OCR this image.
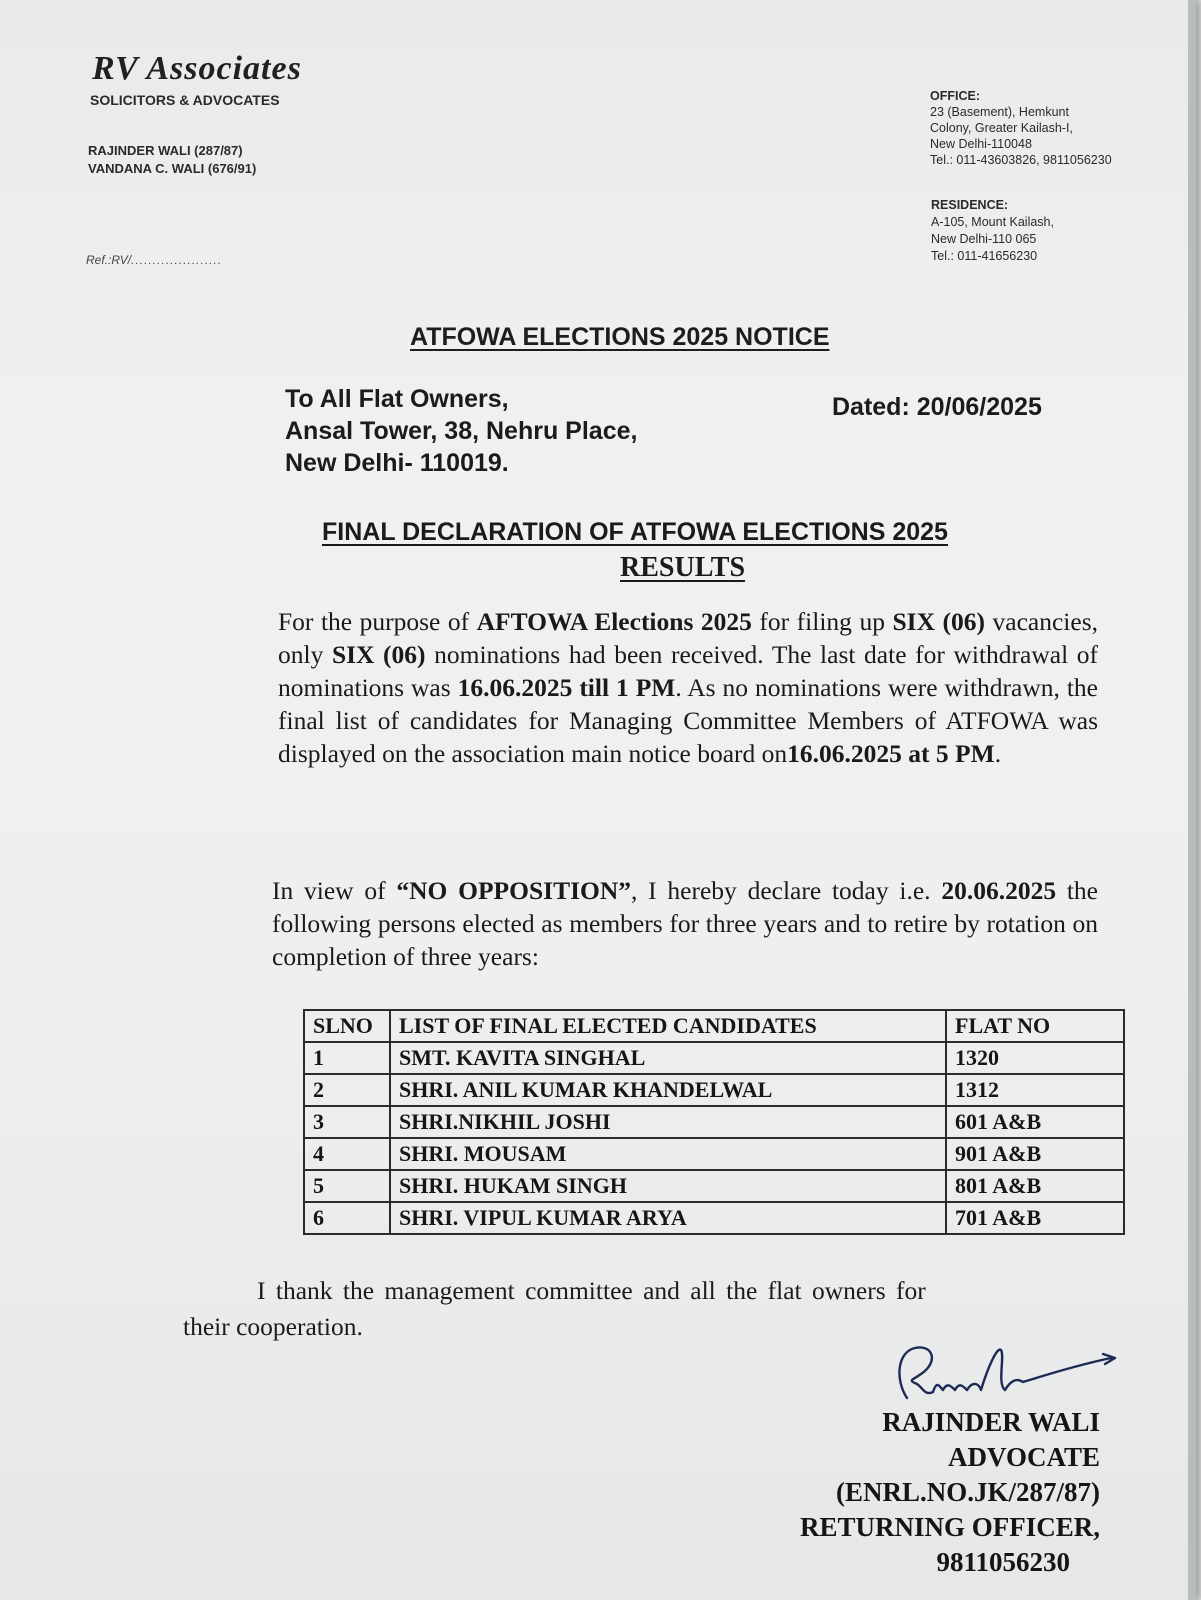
RV Associates
SOLICITORS & ADVOCATES
RAJINDER WALI (287/87)
VANDANA C. WALI (676/91)
Ref.:RV/.....................
OFFICE:
23 (Basement), Hemkunt
Colony, Greater Kailash-I,
New Delhi-110048
Tel.: 011-43603826, 9811056230
RESIDENCE:
A-105, Mount Kailash,
New Delhi-110 065
Tel.: 011-41656230
ATFOWA ELECTIONS 2025 NOTICE
To All Flat Owners,
Ansal Tower, 38, Nehru Place,
New Delhi- 110019.
Dated: 20/06/2025
FINAL DECLARATION OF ATFOWA ELECTIONS 2025
RESULTS
For the purpose of AFTOWA Elections 2025 for filing up SIX (06) vacancies, only SIX (06) nominations had been received. The last date for withdrawal of nominations was 16.06.2025 till 1 PM. As no nominations were withdrawn, the final list of candidates for Managing Committee Members of ATFOWA was displayed on the association main notice board on16.06.2025 at 5 PM.
In view of “NO OPPOSITION”, I hereby declare today i.e. 20.06.2025 the following persons elected as members for three years and to retire by rotation on completion of three years:
SLNO	LIST OF FINAL ELECTED CANDIDATES	FLAT NO
1	SMT. KAVITA SINGHAL	1320
2	SHRI. ANIL KUMAR KHANDELWAL	1312
3	SHRI.NIKHIL JOSHI	601 A&B
4	SHRI. MOUSAM	901 A&B
5	SHRI. HUKAM SINGH	801 A&B
6	SHRI. VIPUL KUMAR ARYA	701 A&B
I thank the management committee and all the flat owners for
their cooperation.
RAJINDER WALI
ADVOCATE
(ENRL.NO.JK/287/87)
RETURNING OFFICER,
9811056230
